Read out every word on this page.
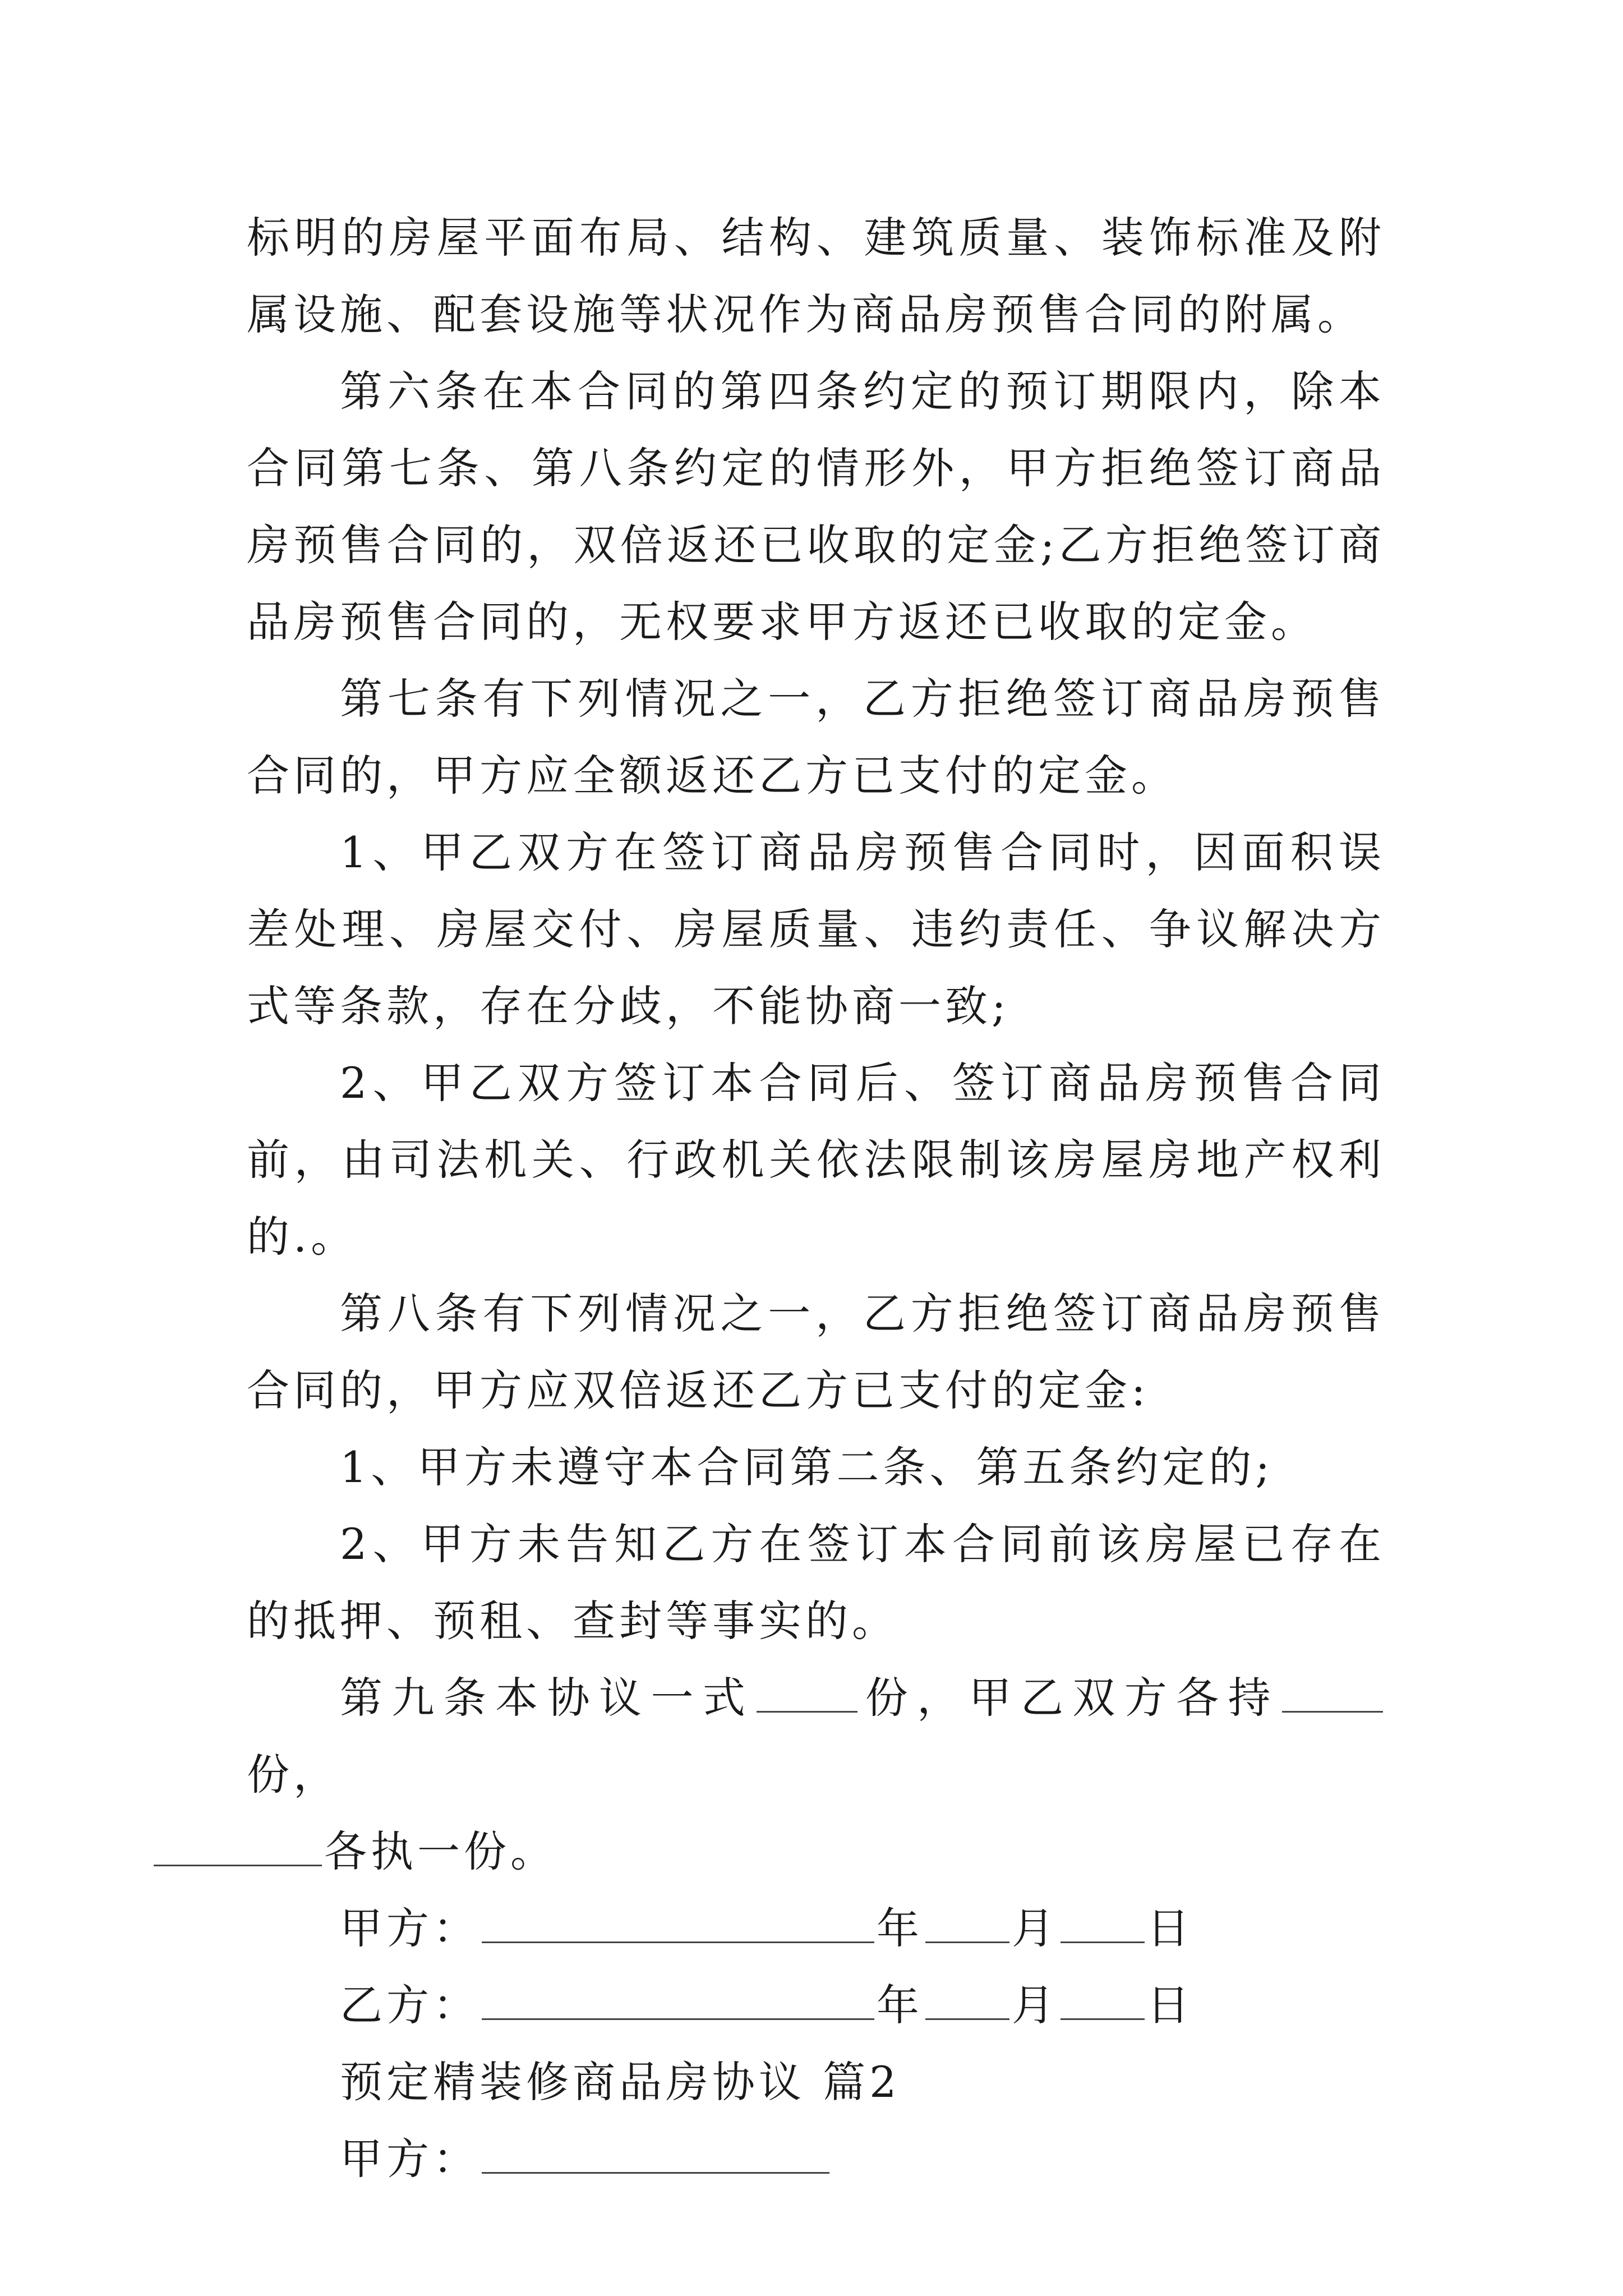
标明的房屋平面布局、结构、建筑质量、装饰标准及附属设施、配套设施等状况作为商品房预售合同的附属。

第六条在本合同的第四条约定的预订期限内，除本合同第七条、第八条约定的情形外，甲方拒绝签订商品房预售合同的，双倍返还已收取的定金;乙方拒绝签订商品房预售合同的，无权要求甲方返还已收取的定金。

第七条有下列情况之一，乙方拒绝签订商品房预售合同的，甲方应全额返还乙方已支付的定金。

1、甲乙双方在签订商品房预售合同时，因面积误差处理、房屋交付、房屋质量、违约责任、争议解决方式等条款，存在分歧，不能协商一致;

2、甲乙双方签订本合同后、签订商品房预售合同前，由司法机关、行政机关依法限制该房屋房地产权利的.。

第八条有下列情况之一，乙方拒绝签订商品房预售合同的，甲方应双倍返还乙方已支付的定金:

1、甲方未遵守本合同第二条、第五条约定的;

2、甲方未告知乙方在签订本合同前该房屋已存在的抵押、预租、查封等事实的。

第九条本协议一式 份，甲乙双方各持份，
各执一份。

甲方：	年 月 日

乙方：	年 月 日

预定精装修商品房协议 篇2

甲方：
